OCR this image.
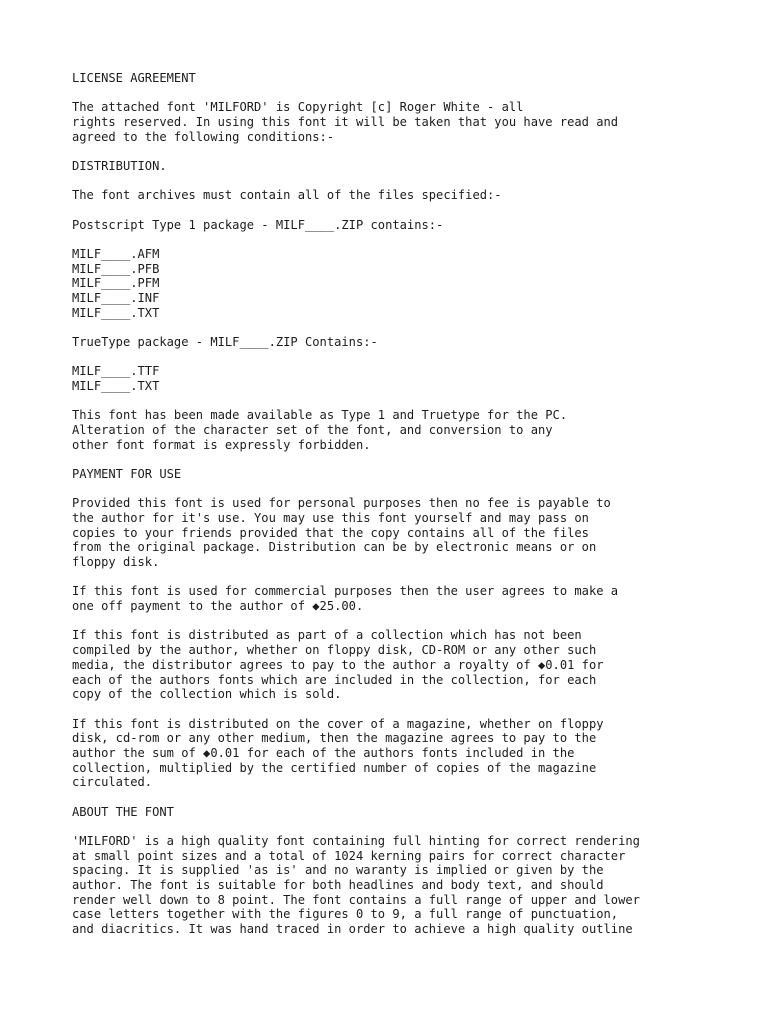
LICENSE AGREEMENT
The attached font 'MILFORD' is Copyright [c] Roger White - all
rights reserved. In using this font it will be taken that you have read and
agreed to the following conditions:-
DISTRIBUTION.
The font archives must contain all of the files specified:-
Postscript Type 1 package - MILF____.ZIP contains:-
MILF____.AFM
MILF____.PFB
MILF____.PFM
MILF____.INF
MILF____.TXT
TrueType package - MILF____.ZIP Contains:-
MILF____.TTF
MILF____.TXT
This font has been made available as Type 1 and Truetype for the PC.
Alteration of the character set of the font, and conversion to any
other font format is expressly forbidden.
PAYMENT FOR USE
Provided this font is used for personal purposes then no fee is payable to
the author for it's use. You may use this font yourself and may pass on
copies to your friends provided that the copy contains all of the files
from the original package. Distribution can be by electronic means or on
floppy disk.
If this font is used for commercial purposes then the user agrees to make a
one off payment to the author of ◆25.00.
If this font is distributed as part of a collection which has not been
compiled by the author, whether on floppy disk, CD-ROM or any other such
media, the distributor agrees to pay to the author a royalty of ◆0.01 for
each of the authors fonts which are included in the collection, for each
copy of the collection which is sold.
If this font is distributed on the cover of a magazine, whether on floppy
disk, cd-rom or any other medium, then the magazine agrees to pay to the
author the sum of ◆0.01 for each of the authors fonts included in the
collection, multiplied by the certified number of copies of the magazine
circulated.
ABOUT THE FONT
'MILFORD' is a high quality font containing full hinting for correct rendering
at small point sizes and a total of 1024 kerning pairs for correct character
spacing. It is supplied 'as is' and no waranty is implied or given by the
author. The font is suitable for both headlines and body text, and should
render well down to 8 point. The font contains a full range of upper and lower
case letters together with the figures 0 to 9, a full range of punctuation,
and diacritics. It was hand traced in order to achieve a high quality outline
